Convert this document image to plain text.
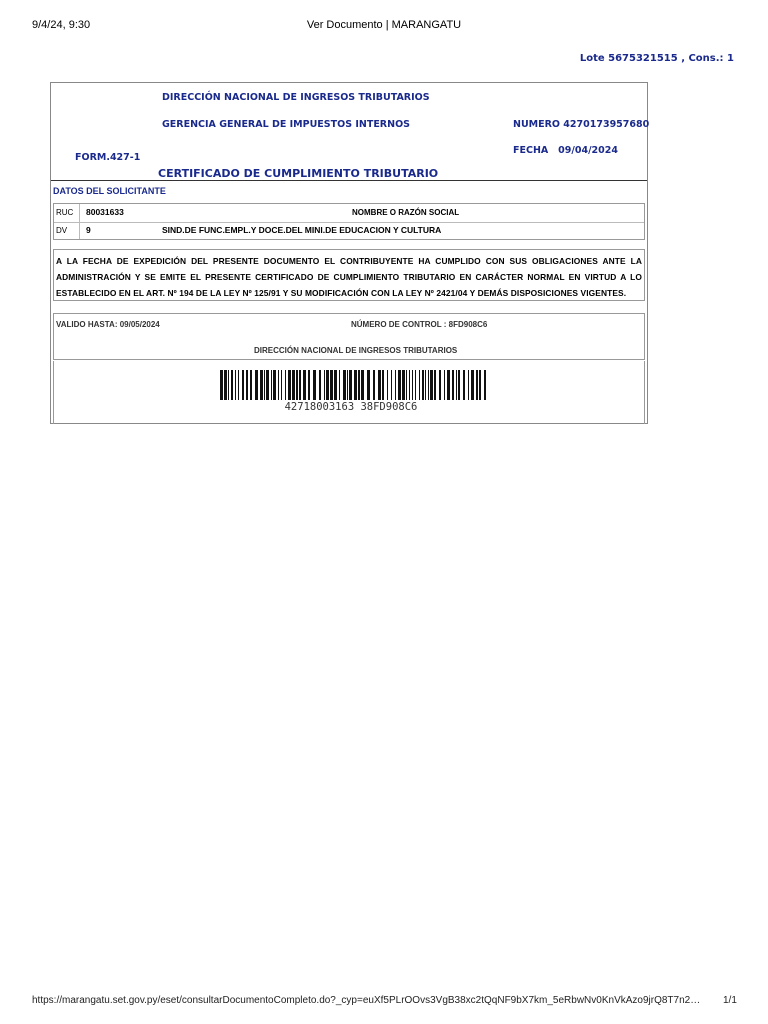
9/4/24, 9:30	Ver Documento | MARANGATU
Lote 5675321515 , Cons.: 1
DIRECCIÓN NACIONAL DE INGRESOS TRIBUTARIOS
GERENCIA GENERAL DE IMPUESTOS INTERNOS	NUMERO 4270173957680
FECHA   09/04/2024
FORM.427-1
CERTIFICADO DE CUMPLIMIENTO TRIBUTARIO
DATOS DEL SOLICITANTE
RUC 80031633	NOMBRE O RAZÓN SOCIAL
DV 9	SIND.DE FUNC.EMPL.Y DOCE.DEL MINI.DE EDUCACION Y CULTURA
A LA FECHA DE EXPEDICIÓN DEL PRESENTE DOCUMENTO EL CONTRIBUYENTE HA CUMPLIDO CON SUS OBLIGACIONES ANTE LA ADMINISTRACIÓN Y SE EMITE EL PRESENTE CERTIFICADO DE CUMPLIMIENTO TRIBUTARIO EN CARÁCTER NORMAL EN VIRTUD A LO ESTABLECIDO EN EL ART. Nº 194 DE LA LEY Nº 125/91 Y SU MODIFICACIÓN CON LA LEY Nº 2421/04 Y DEMÁS DISPOSICIONES VIGENTES.
VALIDO HASTA: 09/05/2024	NÚMERO DE CONTROL : 8FD908C6
DIRECCIÓN NACIONAL DE INGRESOS TRIBUTARIOS
42718003163 38FD908C6
https://marangatu.set.gov.py/eset/consultarDocumentoCompleto.do?_cyp=euXf5PLrOOvs3VgB38xc2tQqNF9bX7km_5eRbwNv0KnVkAzo9jrQ8T7n2… 1/1
